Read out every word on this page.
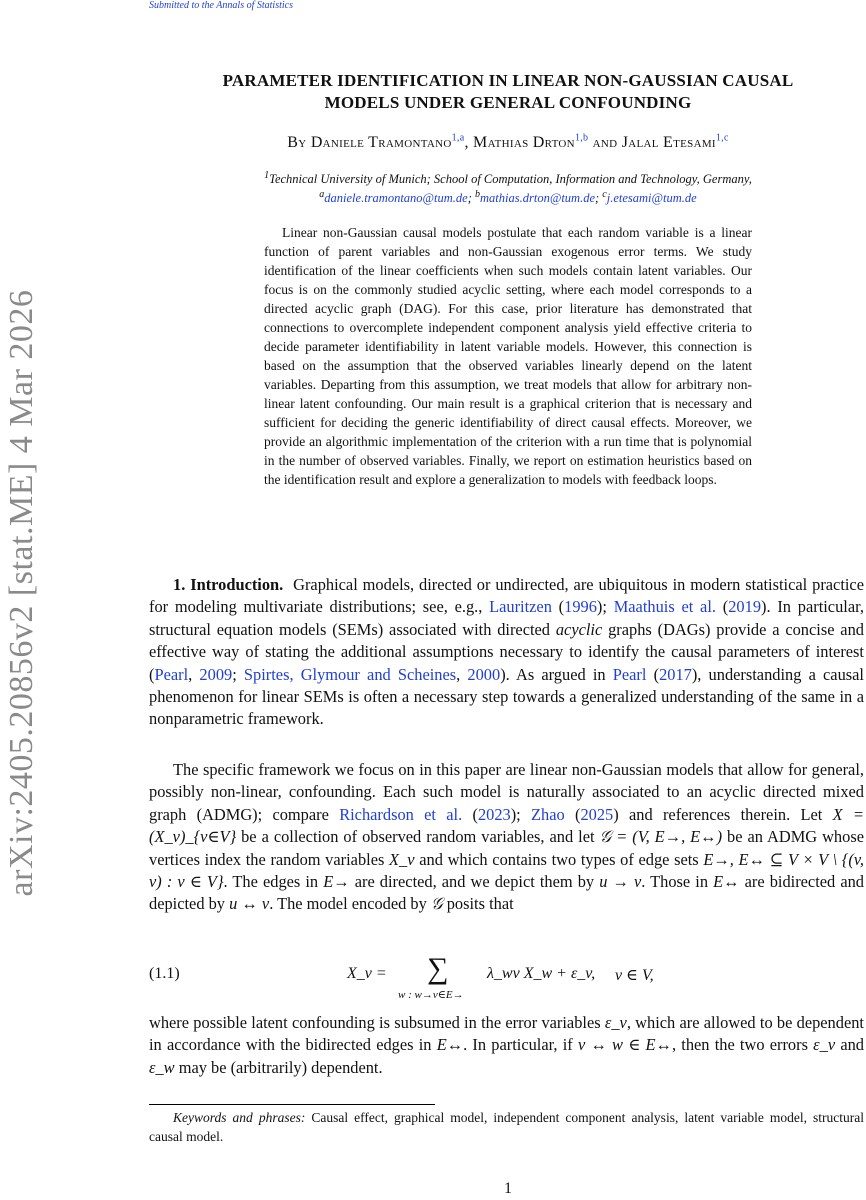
Submitted to the Annals of Statistics
arXiv:2405.20856v2 [stat.ME] 4 Mar 2026
PARAMETER IDENTIFICATION IN LINEAR NON-GAUSSIAN CAUSAL
MODELS UNDER GENERAL CONFOUNDING
By Daniele Tramontano$^{1,a}$, Mathias Drton$^{1,b}$ and Jalal Etesami$^{1,c}$
$^1$Technical University of Munich; School of Computation, Information and Technology, Germany,
$^a$daniele.tramontano@tum.de; $^b$mathias.drton@tum.de; $^c$j.etesami@tum.de
Linear non-Gaussian causal models postulate that each random variable is a linear function of parent variables and non-Gaussian exogenous error terms. We study identification of the linear coefficients when such models contain latent variables. Our focus is on the commonly studied acyclic setting, where each model corresponds to a directed acyclic graph (DAG). For this case, prior literature has demonstrated that connections to overcomplete independent component analysis yield effective criteria to decide parameter identifiability in latent variable models. However, this connection is based on the assumption that the observed variables linearly depend on the latent variables. Departing from this assumption, we treat models that allow for arbitrary non-linear latent confounding. Our main result is a graphical criterion that is necessary and sufficient for deciding the generic identifiability of direct causal effects. Moreover, we provide an algorithmic implementation of the criterion with a run time that is polynomial in the number of observed variables. Finally, we report on estimation heuristics based on the identification result and explore a generalization to models with feedback loops.
1. Introduction. Graphical models, directed or undirected, are ubiquitous in modern statistical practice for modeling multivariate distributions; see, e.g., Lauritzen (1996); Maathuis et al. (2019). In particular, structural equation models (SEMs) associated with directed acyclic graphs (DAGs) provide a concise and effective way of stating the additional assumptions necessary to identify the causal parameters of interest (Pearl, 2009; Spirtes, Glymour and Scheines, 2000). As argued in Pearl (2017), understanding a causal phenomenon for linear SEMs is often a necessary step towards a generalized understanding of the same in a nonparametric framework.
The specific framework we focus on in this paper are linear non-Gaussian models that allow for general, possibly non-linear, confounding. Each such model is naturally associated to an acyclic directed mixed graph (ADMG); compare Richardson et al. (2023); Zhao (2025) and references therein. Let X = (X_v)_{v∈V} be a collection of observed random variables, and let 𝒢 = (V, E→, E↔) be an ADMG whose vertices index the random variables X_v and which contains two types of edge sets E→, E↔ ⊆ V × V \ {(v, v) : v ∈ V}. The edges in E→ are directed, and we depict them by u → v. Those in E↔ are bidirected and depicted by u ↔ v. The model encoded by 𝒢 posits that
(1.1)	X_v = ∑
w : w→v∈E→
λ_wv X_w + ε_v, v ∈ V,
where possible latent confounding is subsumed in the error variables ε_v, which are allowed to be dependent in accordance with the bidirected edges in E↔. In particular, if v ↔ w ∈ E↔, then the two errors ε_v and ε_w may be (arbitrarily) dependent.
Keywords and phrases: Causal effect, graphical model, independent component analysis, latent variable model, structural causal model.
1
